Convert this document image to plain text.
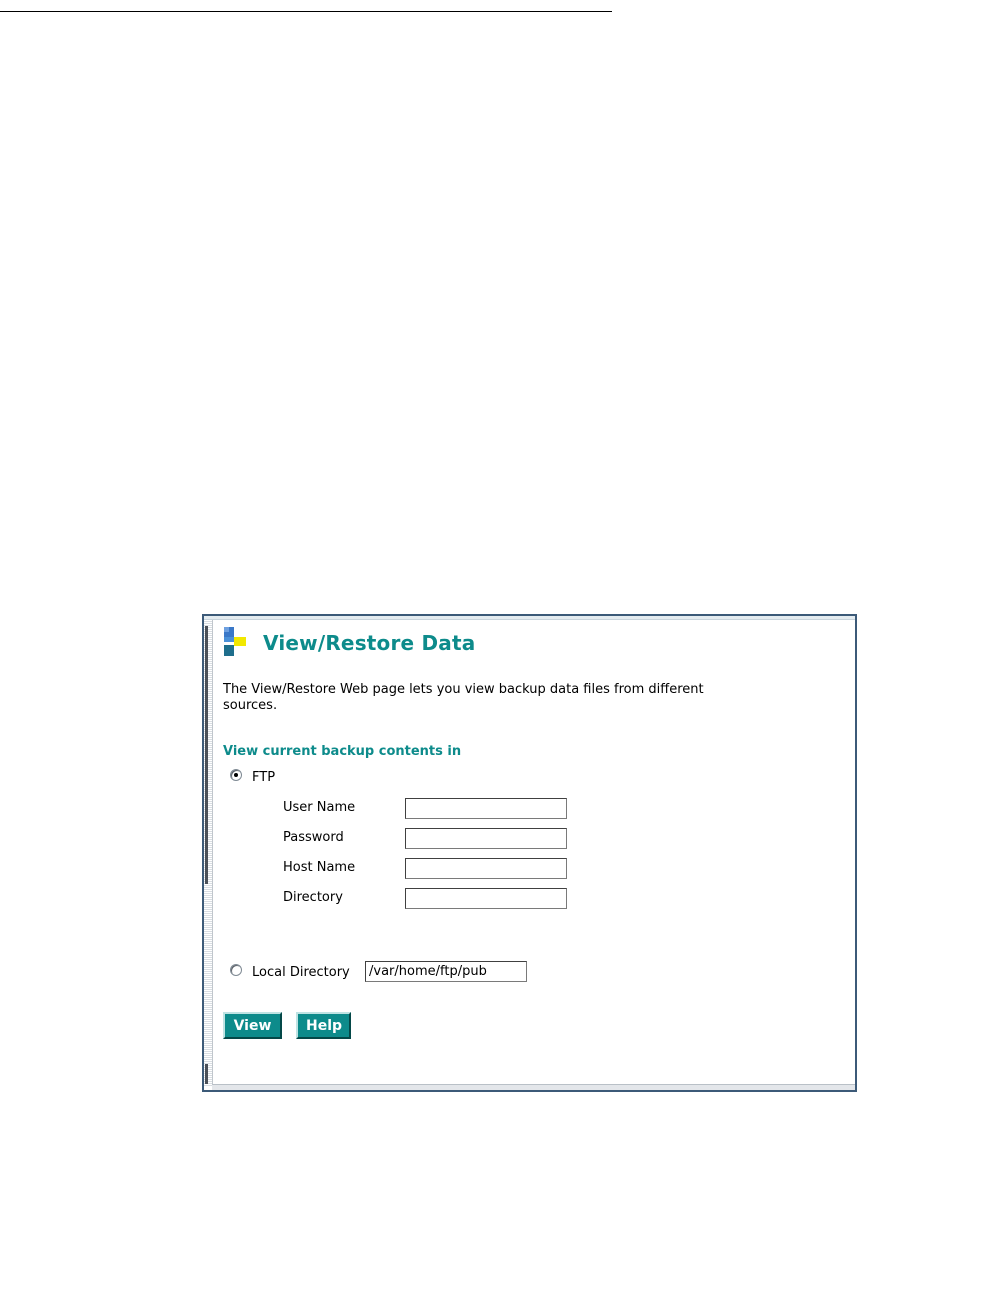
View/Restore Data

The View/Restore Web page lets you view backup data files from different sources.

View current backup contents in

FTP
User Name
Password
Host Name
Directory
Local Directory
/var/home/ftp/pub
View	Help
